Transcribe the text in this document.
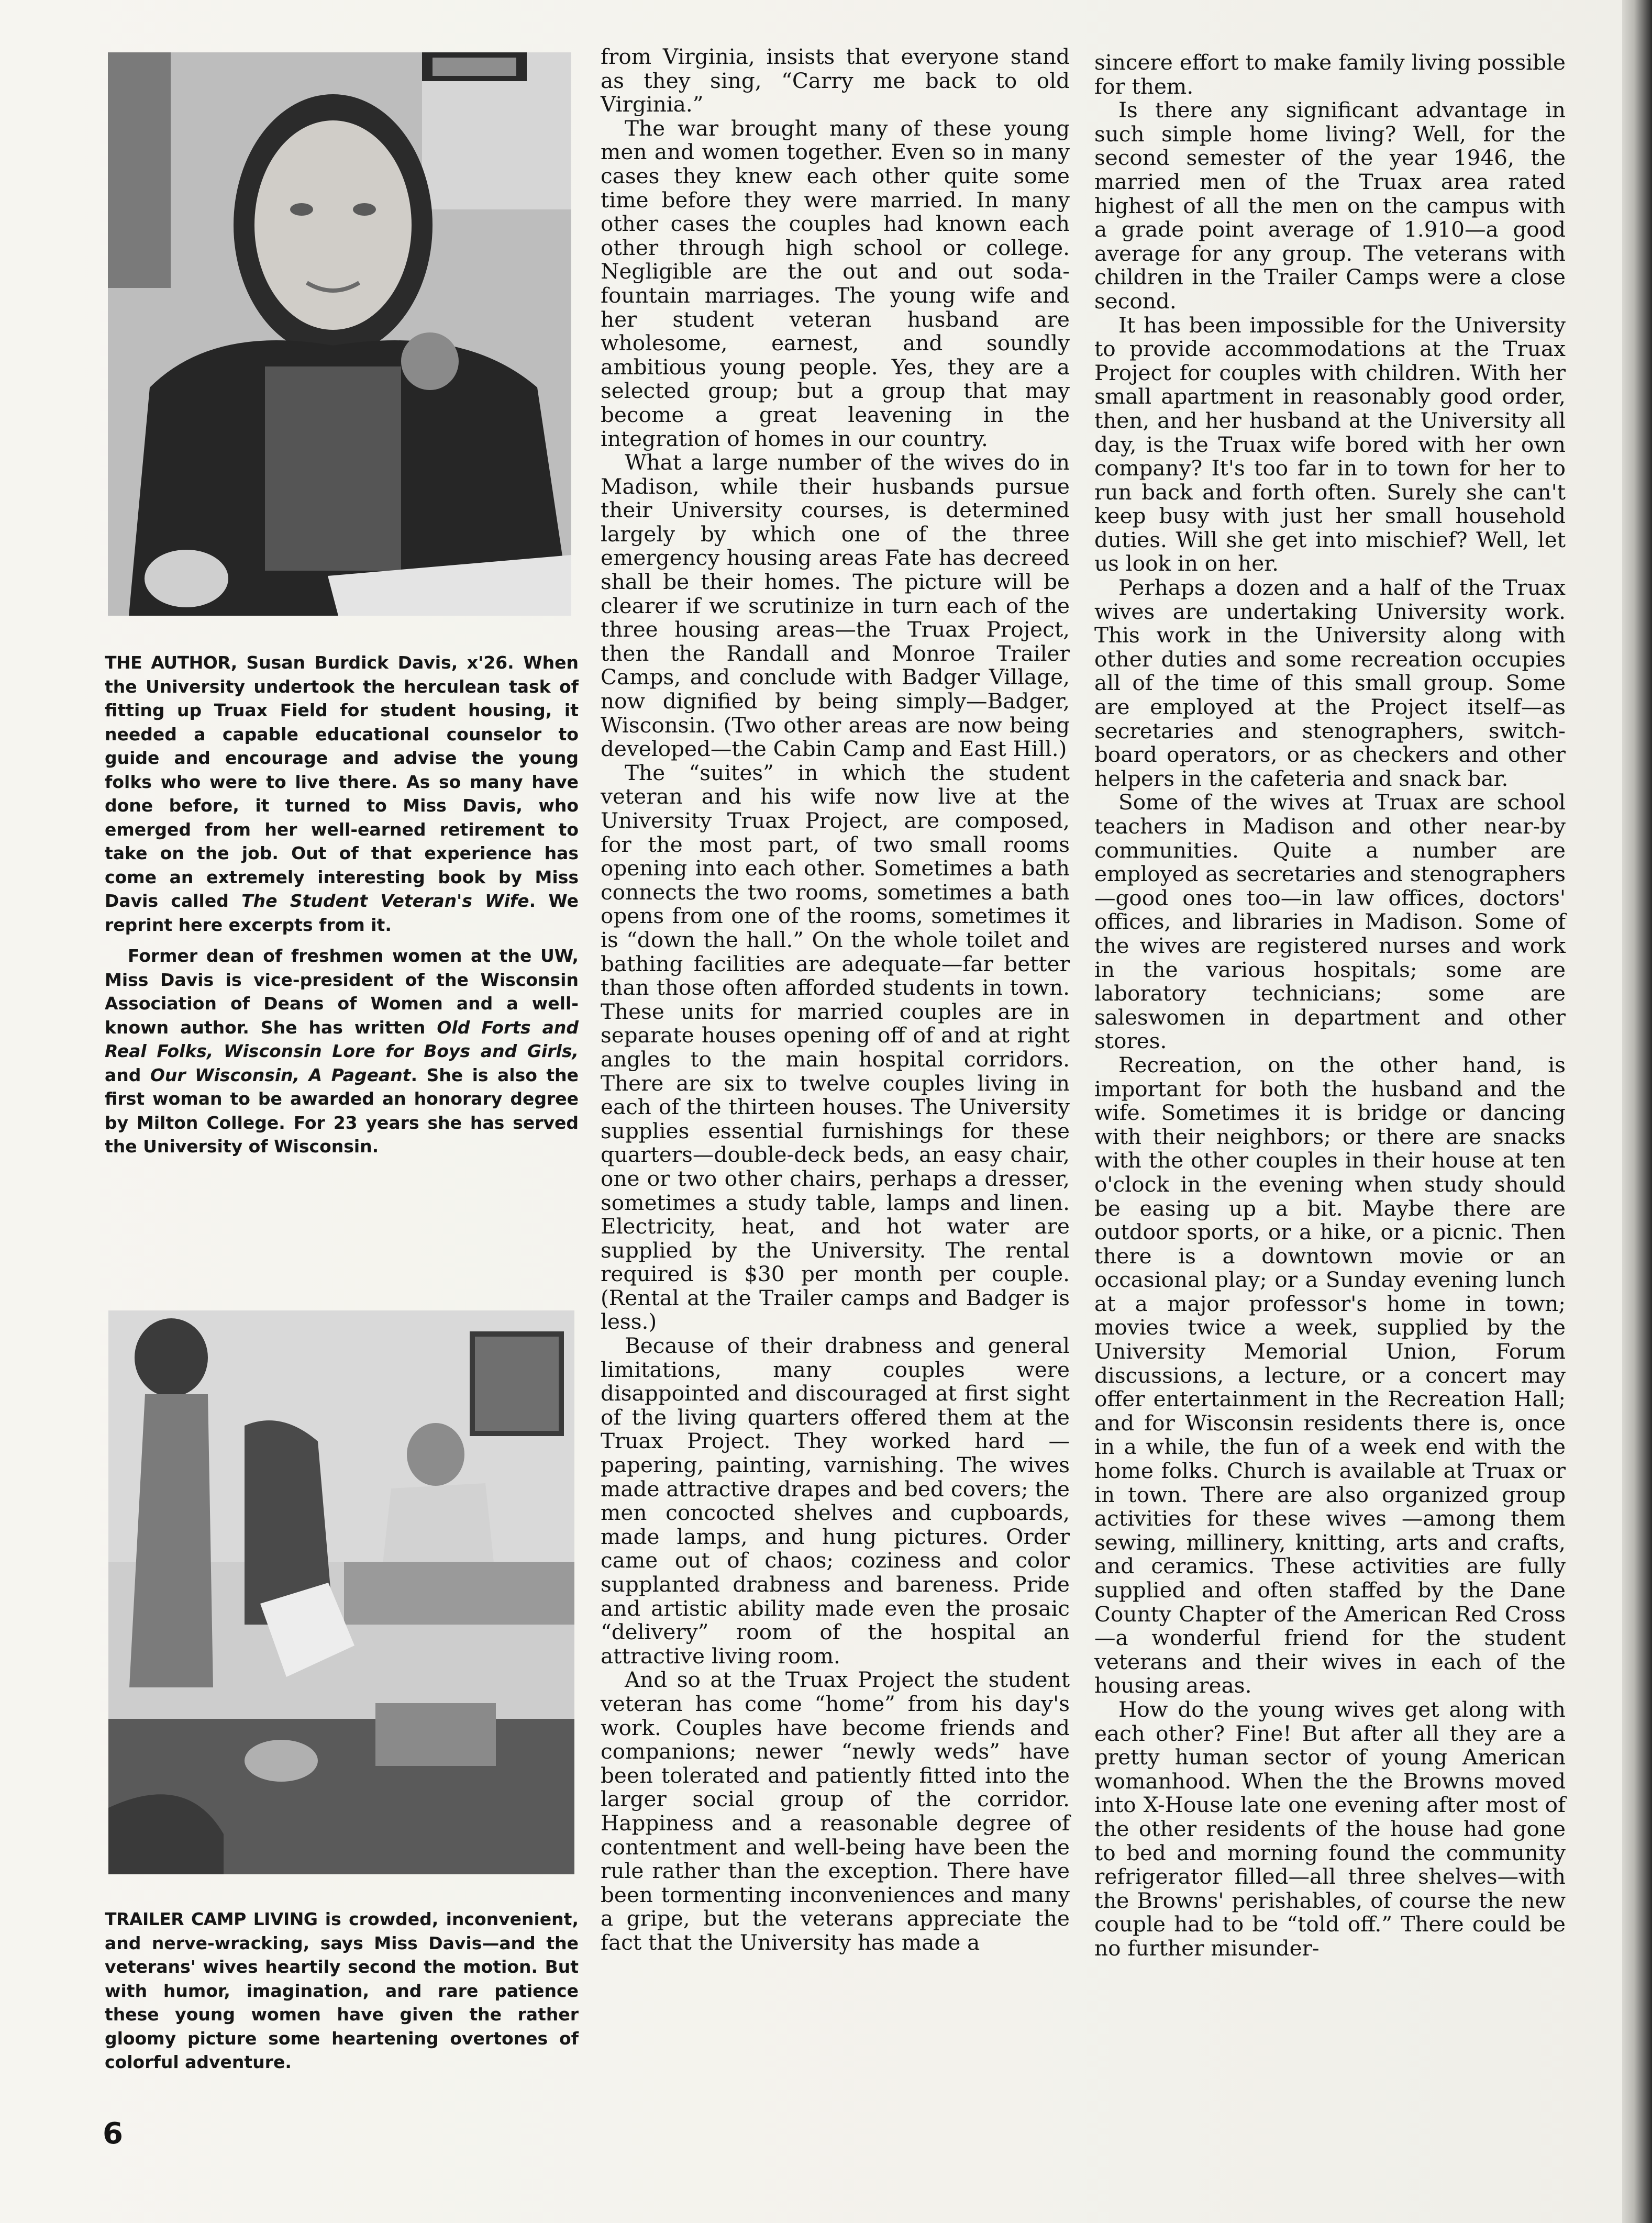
THE AUTHOR, Susan Burdick Davis, x'26. When the University undertook the herculean task of fitting up Truax Field for student housing, it needed a capable educational counselor to guide and encourage and advise the young folks who were to live there. As so many have done before, it turned to Miss Davis, who emerged from her well-earned retirement to take on the job. Out of that experience has come an extremely interesting book by Miss Davis called The Student Veteran's Wife. We reprint here excerpts from it.

Former dean of freshmen women at the UW, Miss Davis is vice-president of the Wisconsin Association of Deans of Women and a well-known author. She has written Old Forts and Real Folks, Wisconsin Lore for Boys and Girls, and Our Wisconsin, A Pageant. She is also the first woman to be awarded an honorary degree by Milton College. For 23 years she has served the University of Wisconsin.

TRAILER CAMP LIVING is crowded, inconvenient, and nerve-wracking, says Miss Davis—and the veterans' wives heartily second the motion. But with humor, imagination, and rare patience these young women have given the rather gloomy picture some heartening overtones of colorful adventure.

from Virginia, insists that everyone stand as they sing, “Carry me back to old Virginia.”

The war brought many of these young men and women together. Even so in many cases they knew each other quite some time before they were married. In many other cases the couples had known each other through high school or college. Negligible are the out and out soda-fountain marriages. The young wife and her student veteran husband are wholesome, earnest, and soundly ambitious young people. Yes, they are a selected group; but a group that may become a great leavening in the integration of homes in our country.

What a large number of the wives do in Madison, while their husbands pursue their University courses, is determined largely by which one of the three emergency housing areas Fate has decreed shall be their homes. The picture will be clearer if we scrutinize in turn each of the three housing areas—the Truax Project, then the Randall and Monroe Trailer Camps, and conclude with Badger Village, now dignified by being simply—Badger, Wisconsin. (Two other areas are now being developed—the Cabin Camp and East Hill.)

The “suites” in which the student veteran and his wife now live at the University Truax Project, are composed, for the most part, of two small rooms opening into each other. Sometimes a bath connects the two rooms, sometimes a bath opens from one of the rooms, sometimes it is “down the hall.” On the whole toilet and bathing facilities are adequate—far better than those often afforded students in town. These units for married couples are in separate houses opening off of and at right angles to the main hospital corridors. There are six to twelve couples living in each of the thirteen houses. The University supplies essential furnishings for these quarters—double-deck beds, an easy chair, one or two other chairs, perhaps a dresser, sometimes a study table, lamps and linen. Electricity, heat, and hot water are supplied by the University. The rental required is $30 per month per couple. (Rental at the Trailer camps and Badger is less.)

Because of their drabness and general limitations, many couples were disappointed and discouraged at first sight of the living quarters offered them at the Truax Project. They worked hard —papering, painting, varnishing. The wives made attractive drapes and bed covers; the men concocted shelves and cupboards, made lamps, and hung pictures. Order came out of chaos; coziness and color supplanted drabness and bareness. Pride and artistic ability made even the prosaic “delivery” room of the hospital an attractive living room.

And so at the Truax Project the student veteran has come “home” from his day's work. Couples have become friends and companions; newer “newly weds” have been tolerated and patiently fitted into the larger social group of the corridor. Happiness and a reasonable degree of contentment and well-being have been the rule rather than the exception. There have been tormenting inconveniences and many a gripe, but the veterans appreciate the fact that the University has made a

sincere effort to make family living possible for them.

Is there any significant advantage in such simple home living? Well, for the second semester of the year 1946, the married men of the Truax area rated highest of all the men on the campus with a grade point average of 1.910—a good average for any group. The veterans with children in the Trailer Camps were a close second.

It has been impossible for the University to provide accommodations at the Truax Project for couples with children. With her small apartment in reasonably good order, then, and her husband at the University all day, is the Truax wife bored with her own company? It's too far in to town for her to run back and forth often. Surely she can't keep busy with just her small household duties. Will she get into mischief? Well, let us look in on her.

Perhaps a dozen and a half of the Truax wives are undertaking University work. This work in the University along with other duties and some recreation occupies all of the time of this small group. Some are employed at the Project itself—as secretaries and stenographers, switch-board operators, or as checkers and other helpers in the cafeteria and snack bar.

Some of the wives at Truax are school teachers in Madison and other near-by communities. Quite a number are employed as secretaries and stenographers—good ones too—in law offices, doctors' offices, and libraries in Madison. Some of the wives are registered nurses and work in the various hospitals; some are laboratory technicians; some are saleswomen in department and other stores.

Recreation, on the other hand, is important for both the husband and the wife. Sometimes it is bridge or dancing with their neighbors; or there are snacks with the other couples in their house at ten o'clock in the evening when study should be easing up a bit. Maybe there are outdoor sports, or a hike, or a picnic. Then there is a downtown movie or an occasional play; or a Sunday evening lunch at a major professor's home in town; movies twice a week, supplied by the University Memorial Union, Forum discussions, a lecture, or a concert may offer entertainment in the Recreation Hall; and for Wisconsin residents there is, once in a while, the fun of a week end with the home folks. Church is available at Truax or in town. There are also organized group activities for these wives —among them sewing, millinery, knitting, arts and crafts, and ceramics. These activities are fully supplied and often staffed by the Dane County Chapter of the American Red Cross—a wonderful friend for the student veterans and their wives in each of the housing areas.

How do the young wives get along with each other? Fine! But after all they are a pretty human sector of young American womanhood. When the the Browns moved into X-House late one evening after most of the other residents of the house had gone to bed and morning found the community refrigerator filled—all three shelves—with the Browns' perishables, of course the new couple had to be “told off.” There could be no further misunder-

6
